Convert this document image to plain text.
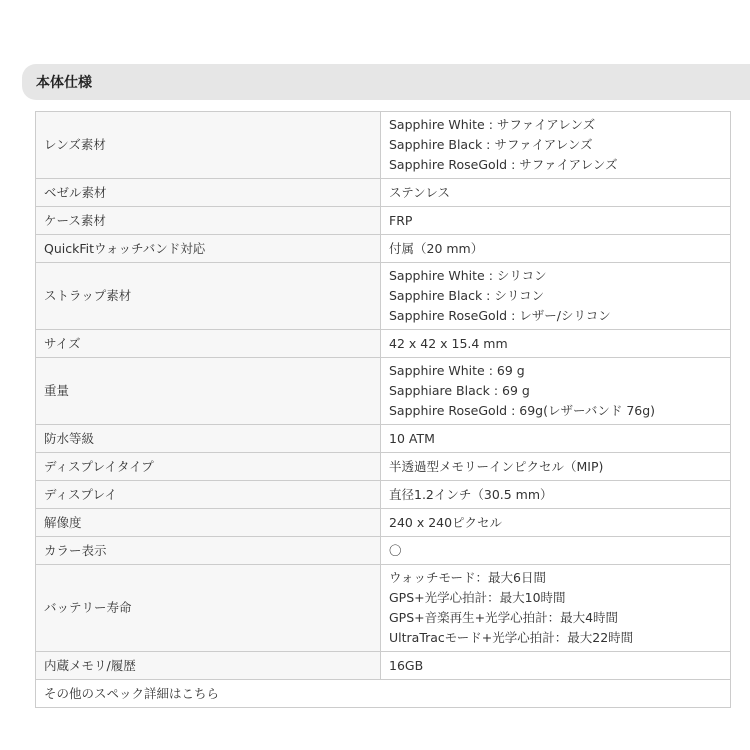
本体仕様
レンズ素材	Sapphire White : サファイアレンズ
Sapphire Black : サファイアレンズ
Sapphire RoseGold : サファイアレンズ

ベゼル素材	ステンレス

ケース素材	FRP

QuickFitウォッチバンド対応	付属（20 mm）

ストラップ素材	Sapphire White : シリコン
Sapphire Black : シリコン
Sapphire RoseGold : レザー/シリコン

サイズ	42 x 42 x 15.4 mm

重量	Sapphire White : 69 g
Sapphiare Black : 69 g
Sapphire RoseGold : 69g(レザーバンド 76g)

防水等級	10 ATM

ディスプレイタイプ	半透過型メモリーインピクセル（MIP)

ディスプレイ	直径1.2インチ（30.5 mm）

解像度	240 x 240ピクセル

カラー表示	〇

バッテリー寿命	ウォッチモード：最大6日間
GPS+光学心拍計：最大10時間
GPS+音楽再生+光学心拍計：最大4時間
UltraTracモード+光学心拍計：最大22時間

内蔵メモリ/履歴	16GB

その他のスペック詳細はこちら	
